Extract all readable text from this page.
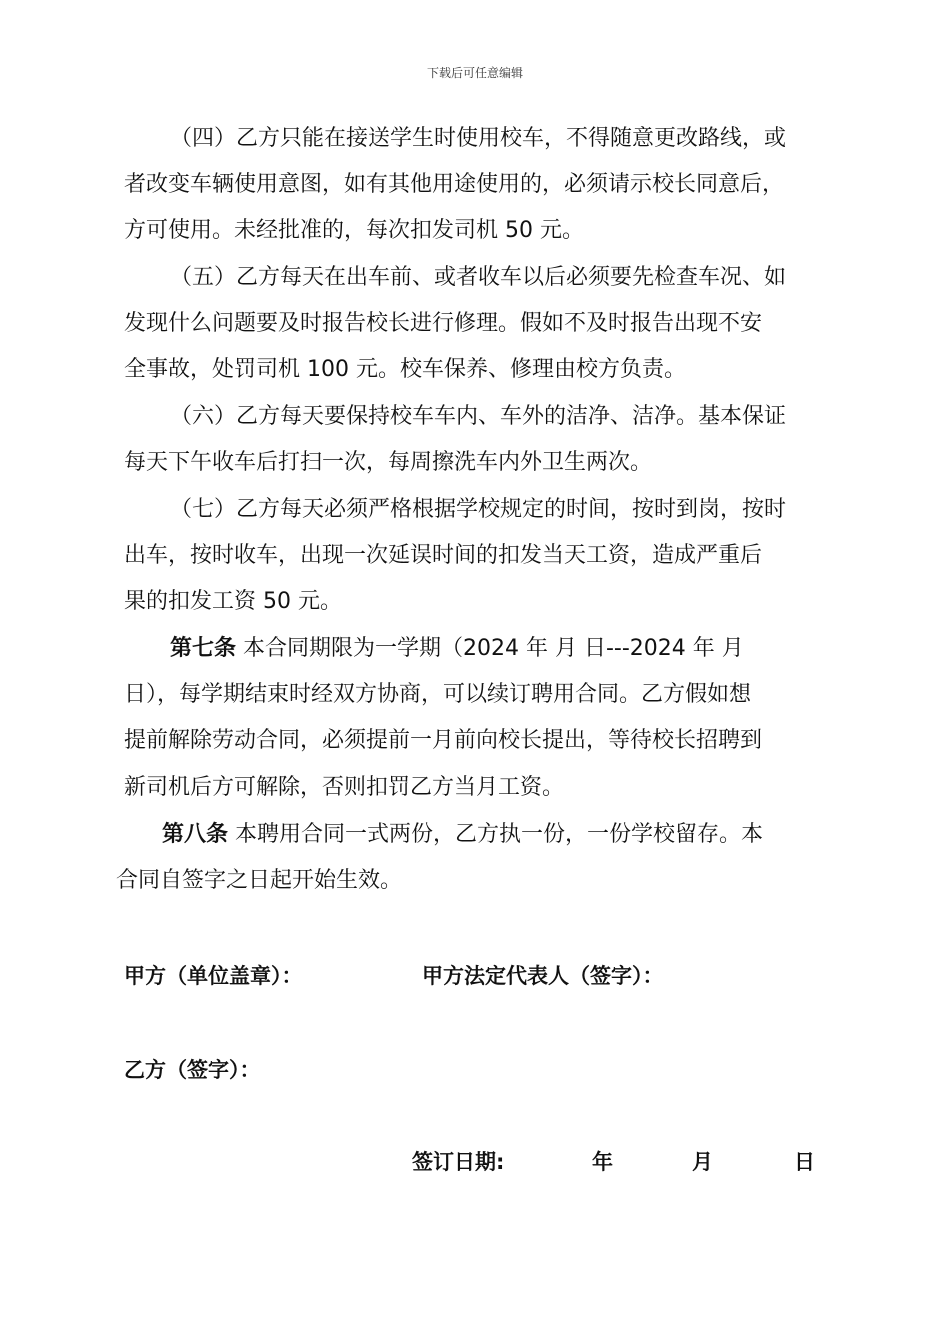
下载后可任意编辑
（四）乙方只能在接送学生时使用校车，不得随意更改路线，或
者改变车辆使用意图，如有其他用途使用的，必须请示校长同意后，
方可使用。未经批准的，每次扣发司机 50 元。
（五）乙方每天在出车前、或者收车以后必须要先检查车况、如
发现什么问题要及时报告校长进行修理。假如不及时报告出现不安
全事故，处罚司机 100 元。校车保养、修理由校方负责。
（六）乙方每天要保持校车车内、车外的洁净、洁净。基本保证
每天下午收车后打扫一次，每周擦洗车内外卫生两次。
（七）乙方每天必须严格根据学校规定的时间，按时到岗，按时
出车，按时收车，出现一次延误时间的扣发当天工资，造成严重后
果的扣发工资 50 元。
第七条 本合同期限为一学期（2024 年 月 日---2024 年 月
日），每学期结束时经双方协商，可以续订聘用合同。乙方假如想
提前解除劳动合同，必须提前一月前向校长提出，等待校长招聘到
新司机后方可解除，否则扣罚乙方当月工资。
第八条 本聘用合同一式两份，乙方执一份，一份学校留存。本
合同自签字之日起开始生效。
甲方（单位盖章）：	甲方法定代表人（签字）：
乙方（签字）：
签订日期:	年	月	日
